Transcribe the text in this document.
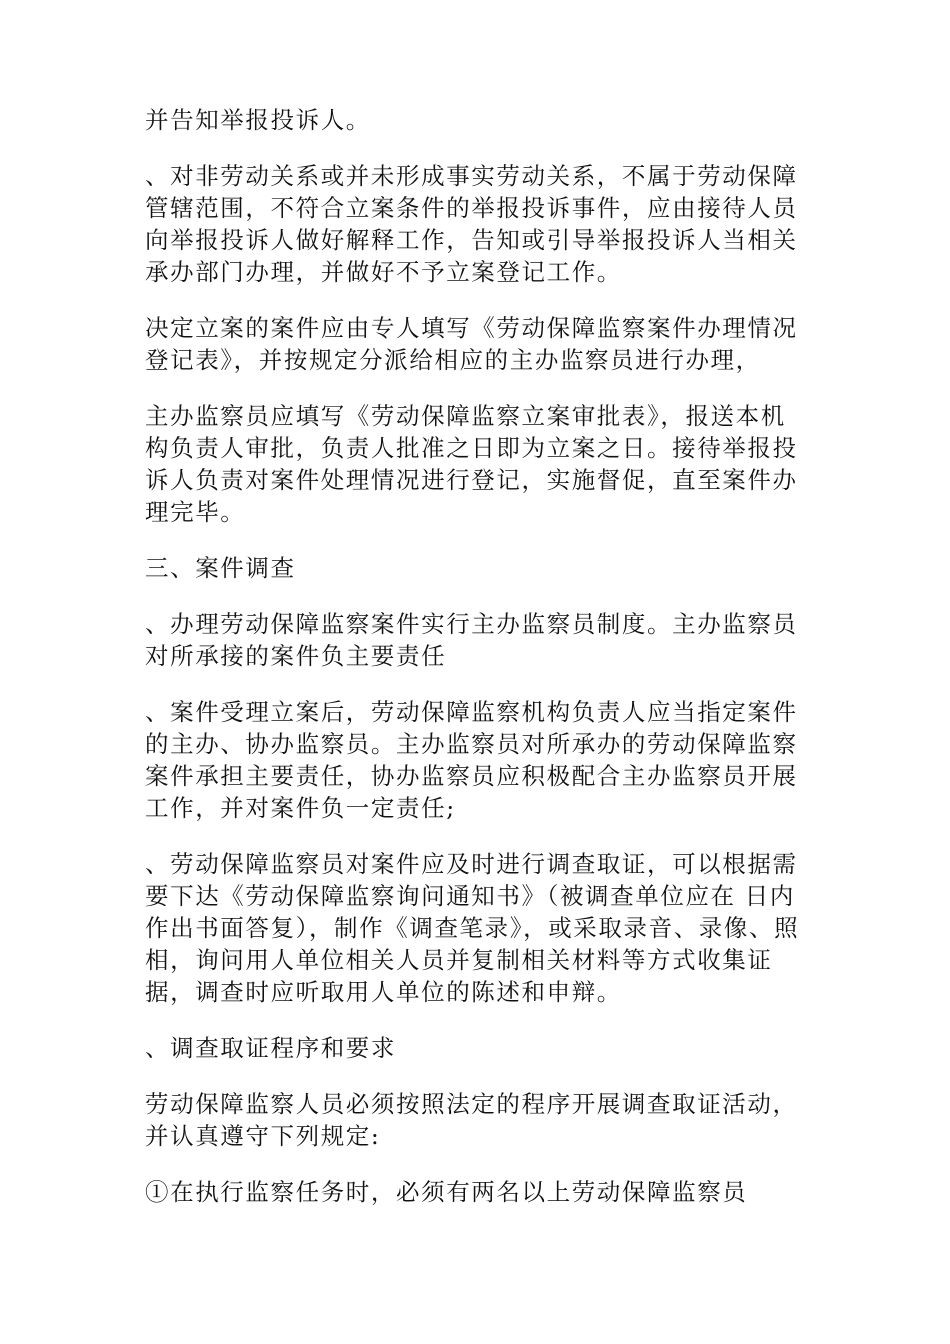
并告知举报投诉人。

、对非劳动关系或并未形成事实劳动关系，不属于劳动保障管辖范围，不符合立案条件的举报投诉事件，应由接待人员向举报投诉人做好解释工作，告知或引导举报投诉人当相关承办部门办理，并做好不予立案登记工作。

决定立案的案件应由专人填写《劳动保障监察案件办理情况登记表》，并按规定分派给相应的主办监察员进行办理，

主办监察员应填写《劳动保障监察立案审批表》，报送本机构负责人审批，负责人批准之日即为立案之日。接待举报投诉人负责对案件处理情况进行登记，实施督促，直至案件办理完毕。

三、案件调查

、办理劳动保障监察案件实行主办监察员制度。主办监察员对所承接的案件负主要责任

、案件受理立案后，劳动保障监察机构负责人应当指定案件的主办、协办监察员。主办监察员对所承办的劳动保障监察案件承担主要责任，协办监察员应积极配合主办监察员开展工作，并对案件负一定责任;

、劳动保障监察员对案件应及时进行调查取证，可以根据需要下达《劳动保障监察询问通知书》（被调查单位应在 日内作出书面答复），制作《调查笔录》，或采取录音、录像、照相，询问用人单位相关人员并复制相关材料等方式收集证据，调查时应听取用人单位的陈述和申辩。

、调查取证程序和要求

劳动保障监察人员必须按照法定的程序开展调查取证活动，并认真遵守下列规定:

①在执行监察任务时，必须有两名以上劳动保障监察员
